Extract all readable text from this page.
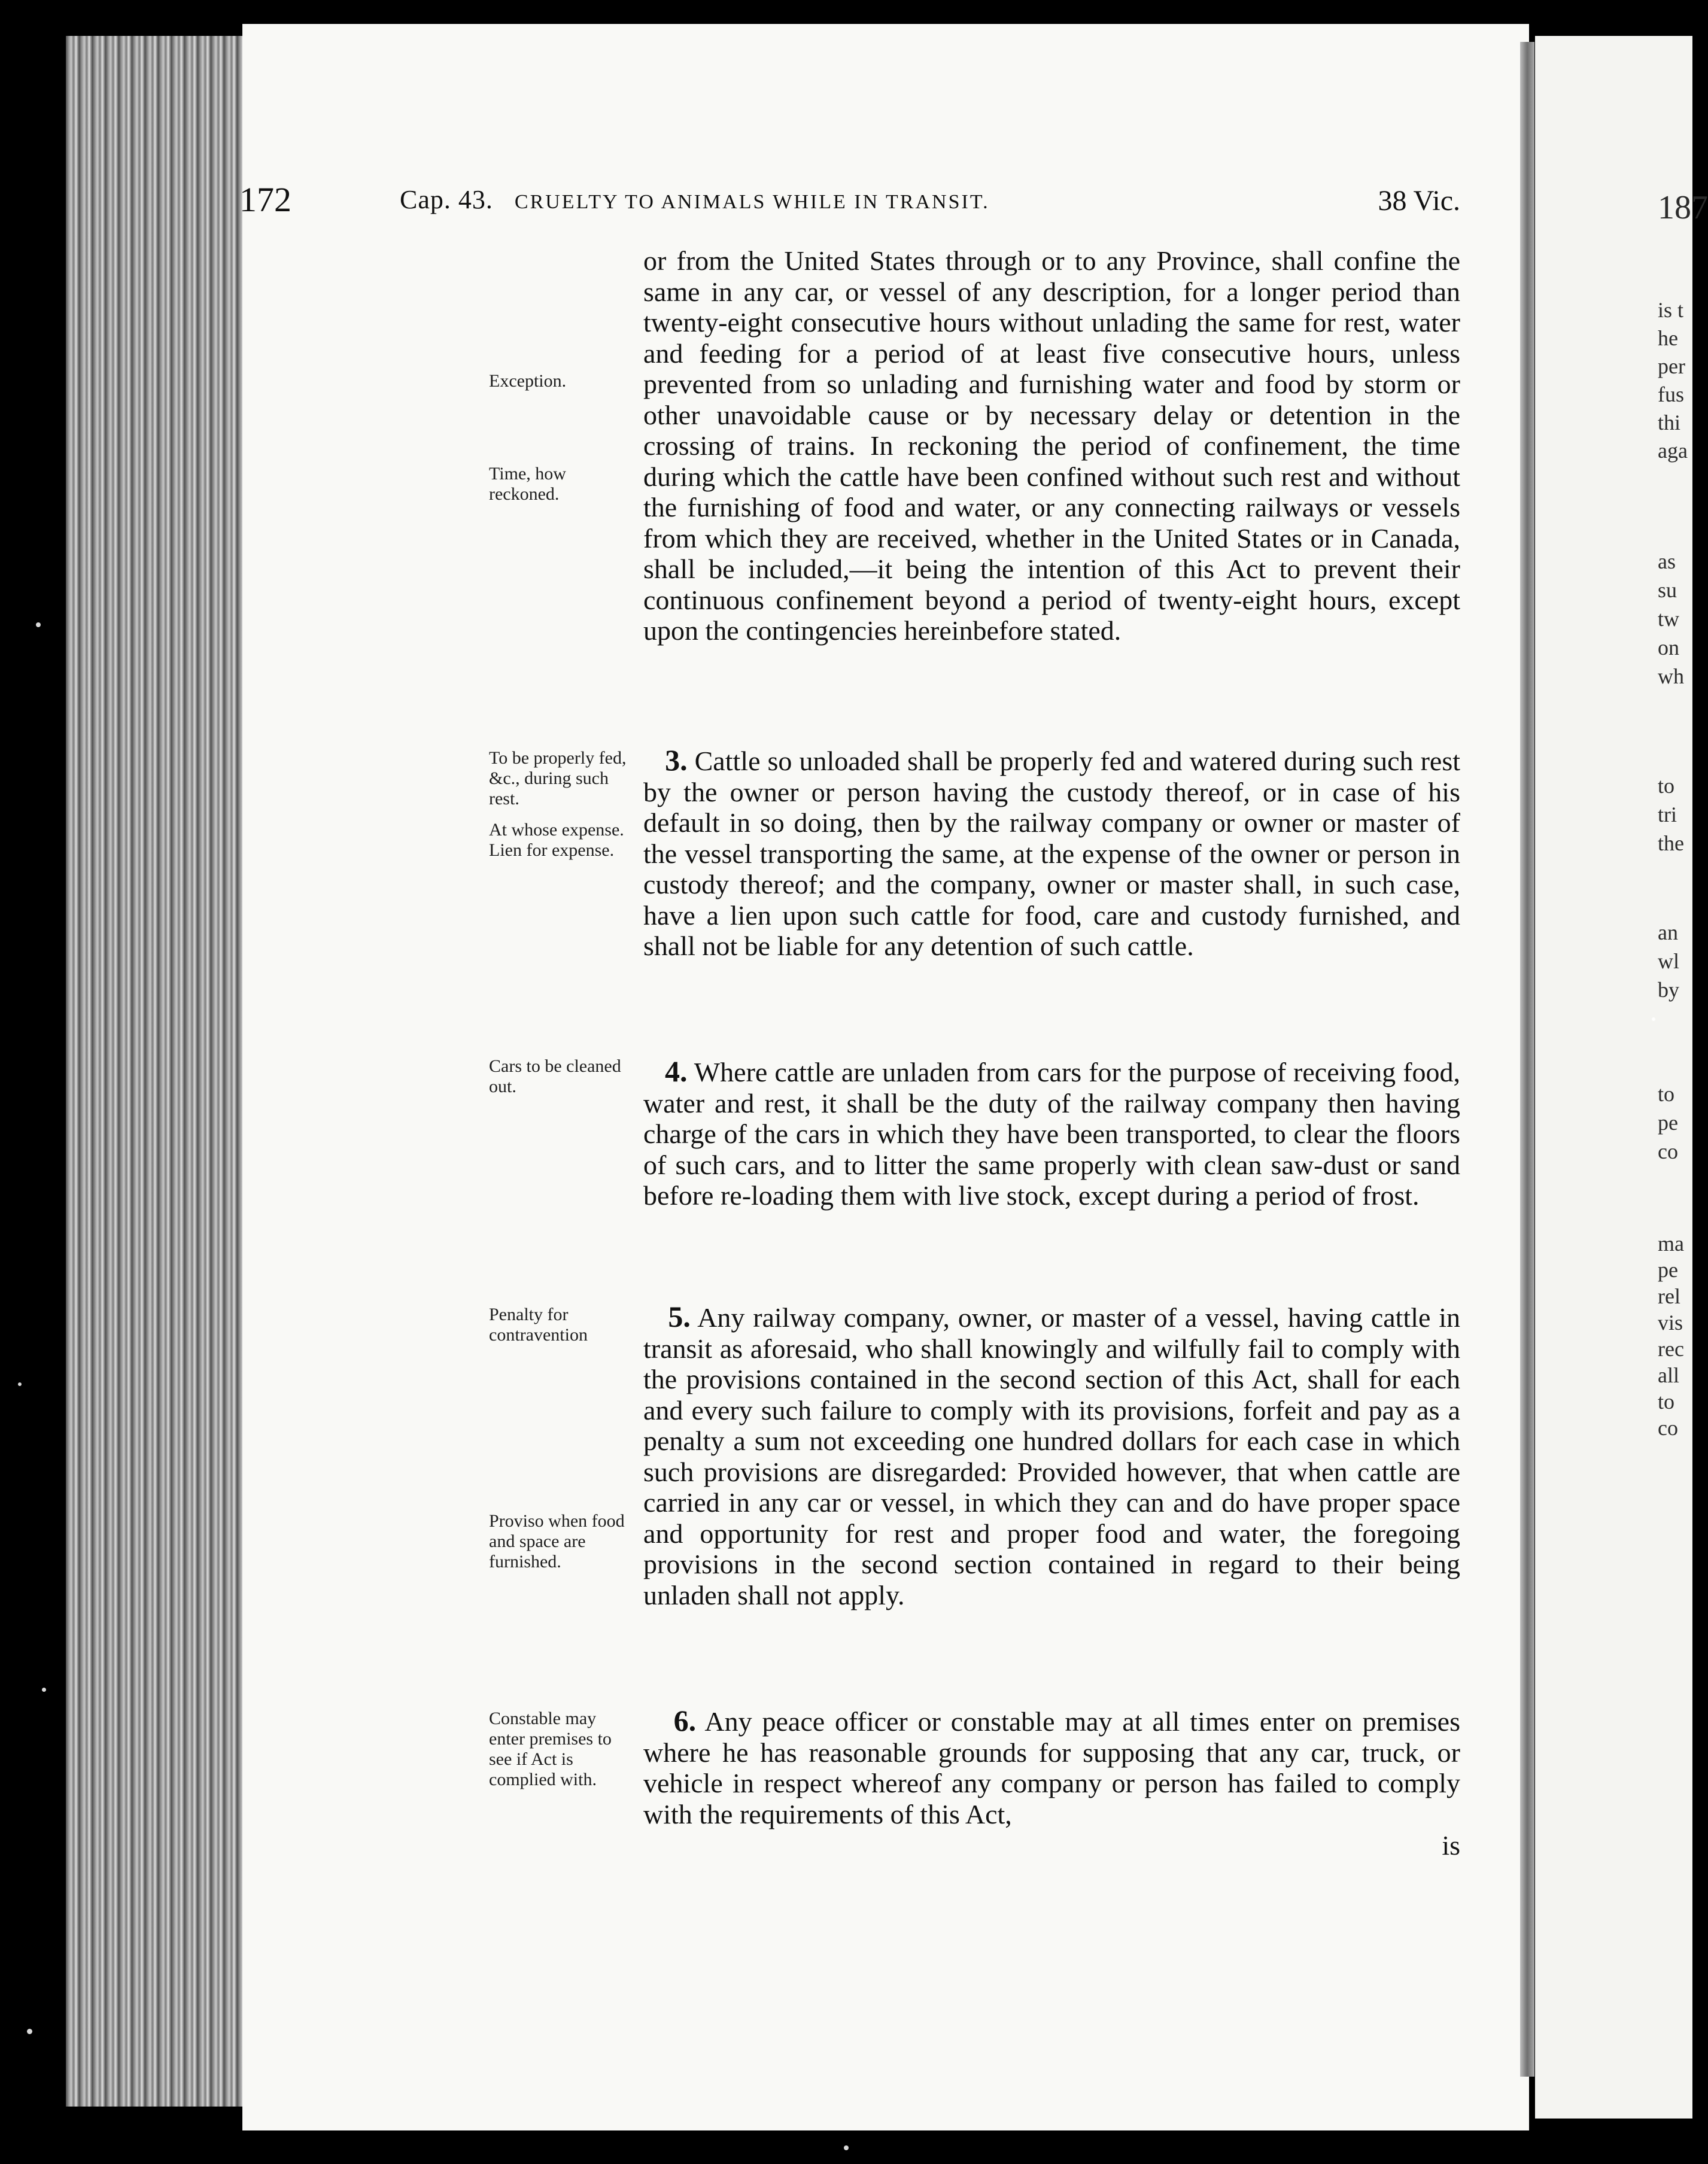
187
is t
he
per
fus
thi
aga
as
su
tw
on
wh
to
tri
the
an
wl
by
to
pe
co
ma
pe
rel
vis
rec
all
to
co
172	Cap. 43. CRUELTY TO ANIMALS WHILE IN TRANSIT.	38 Vic.
or from the United States through or to any Province, shall confine the same in any car, or vessel of any description, for a longer period than twenty-eight consecutive hours without unlading the same for rest, water and feeding for a period of at least five consecutive hours, unless prevented from so unlading and furnishing water and food by storm or other unavoidable cause or by necessary delay or detention in the crossing of trains. In reckoning the period of confinement, the time during which the cattle have been confined without such rest and without the furnishing of food and water, or any connecting railways or vessels from which they are received, whether in the United States or in Canada, shall be included,—it being the intention of this Act to prevent their continuous confinement beyond a period of twenty-eight hours, except upon the contingencies hereinbefore stated.
3. Cattle so unloaded shall be properly fed and watered during such rest by the owner or person having the custody thereof, or in case of his default in so doing, then by the railway company or owner or master of the vessel transporting the same, at the expense of the owner or person in custody thereof; and the company, owner or master shall, in such case, have a lien upon such cattle for food, care and custody furnished, and shall not be liable for any detention of such cattle.
4. Where cattle are unladen from cars for the purpose of receiving food, water and rest, it shall be the duty of the railway company then having charge of the cars in which they have been transported, to clear the floors of such cars, and to litter the same properly with clean saw-dust or sand before re-loading them with live stock, except during a period of frost.
5. Any railway company, owner, or master of a vessel, having cattle in transit as aforesaid, who shall knowingly and wilfully fail to comply with the provisions contained in the second section of this Act, shall for each and every such failure to comply with its provisions, forfeit and pay as a penalty a sum not exceeding one hundred dollars for each case in which such provisions are disregarded: Provided however, that when cattle are carried in any car or vessel, in which they can and do have proper space and opportunity for rest and proper food and water, the foregoing provisions in the second section contained in regard to their being unladen shall not apply.
6. Any peace officer or constable may at all times enter on premises where he has reasonable grounds for supposing that any car, truck, or vehicle in respect whereof any company or person has failed to comply with the requirements of this Act,
is
Exception.
Time, how reckoned.
To be properly fed, &c., during such rest.
At whose expense. Lien for expense.
Cars to be cleaned out.
Penalty for contravention
Proviso when food and space are furnished.
Constable may enter premises to see if Act is complied with.
